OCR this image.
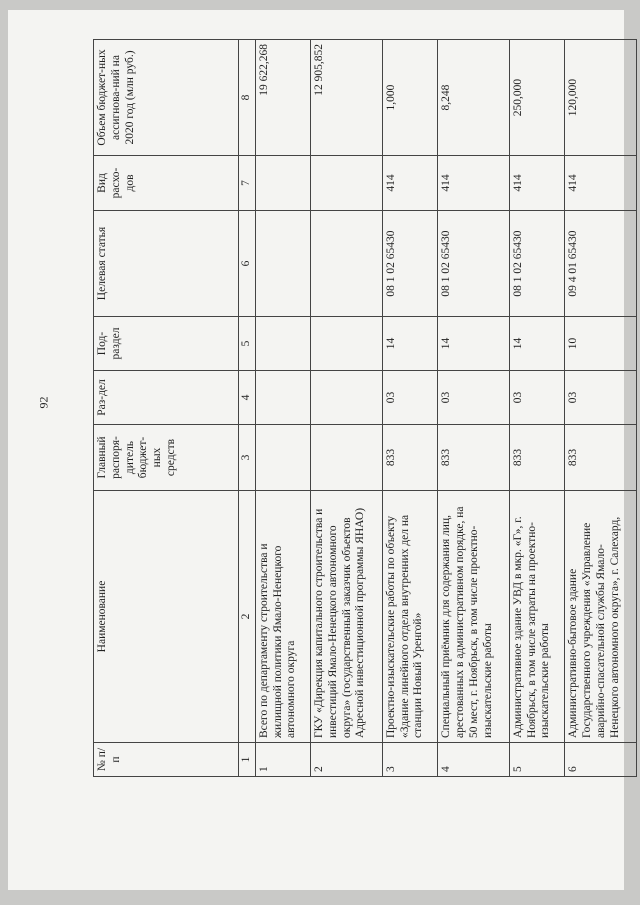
92
№ п/п	Наименование	Главный распоря-дитель бюджет-ных средств	Раз-дел	Под-раздел	Целевая статья	Вид расхо-дов	Объем бюджет-ных ассигнова-ний на 2020 год (млн руб.)
1	2	3	4	5	6	7	8
1	Всего по департаменту строительства и жилищной политики Ямало-Ненецкого автономного округа						19 622,268
2	ГКУ «Дирекция капитального строительства и инвестиций Ямало-Ненецкого автономного округа» (государственный заказчик объектов Адресной инвестиционной программы ЯНАО)						12 905,852
3	Проектно-изыскательские работы по объекту «Здание линейного отдела внутренних дел на станции Новый Уренгой»	833	03	14	08 1 02 65430	414	1,000
4	Специальный приёмник для содержания лиц, арестованных в административном порядке, на 50 мест, г. Ноябрьск, в том числе проектно-изыскательские работы	833	03	14	08 1 02 65430	414	8,248
5	Административное здание УВД в мкр. «Г», г. Ноябрьск, в том числе затраты на проектно-изыскательские работы	833	03	14	08 1 02 65430	414	250,000
6	Административно-бытовое здание Государственного учреждения «Управление аварийно-спасательной службы Ямало-Ненецкого автономного округа», г. Салехард,	833	03	10	09 4 01 65430	414	120,000
